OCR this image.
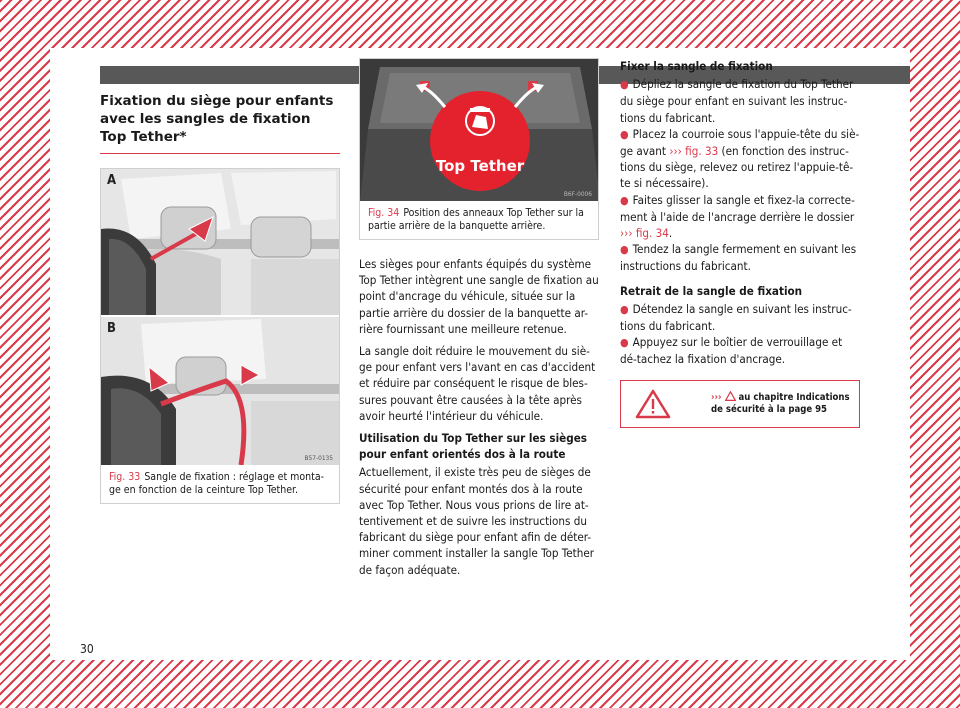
Fixation du siège pour enfants avec les sangles de fixation Top Tether*
A
B
B57-0135
Fig. 33 Sangle de fixation : réglage et monta-ge en fonction de la ceinture Top Tether.
Top Tether
B6F-0006
Fig. 34 Position des anneaux Top Tether sur la partie arrière de la banquette arrière.

Les sièges pour enfants équipés du système Top Tether intègrent une sangle de fixation au point d'ancrage du véhicule, située sur la partie arrière du dossier de la banquette ar-rière fournissant une meilleure retenue.

La sangle doit réduire le mouvement du siè-ge pour enfant vers l'avant en cas d'accident et réduire par conséquent le risque de bles-sures pouvant être causées à la tête après avoir heurté l'intérieur du véhicule.

Utilisation du Top Tether sur les sièges pour enfant orientés dos à la route

Actuellement, il existe très peu de sièges de sécurité pour enfant montés dos à la route avec Top Tether. Nous vous prions de lire at-tentivement et de suivre les instructions du fabricant du siège pour enfant afin de déter-miner comment installer la sangle Top Tether de façon adéquate.

Fixer la sangle de fixation

● Dépliez la sangle de fixation du Top Tether du siège pour enfant en suivant les instruc-tions du fabricant.

● Placez la courroie sous l'appuie-tête du siè-ge avant ››› fig. 33 (en fonction des instruc-tions du siège, relevez ou retirez l'appuie-tê-te si nécessaire).

● Faites glisser la sangle et fixez-la correcte-ment à l'aide de l'ancrage derrière le dossier ››› fig. 34.

● Tendez la sangle fermement en suivant les instructions du fabricant.

Retrait de la sangle de fixation

● Détendez la sangle en suivant les instruc-tions du fabricant.

● Appuyez sur le boîtier de verrouillage et dé-tachez la fixation d'ancrage.

›››  au chapitre Indications de sécurité à la page 95
30
